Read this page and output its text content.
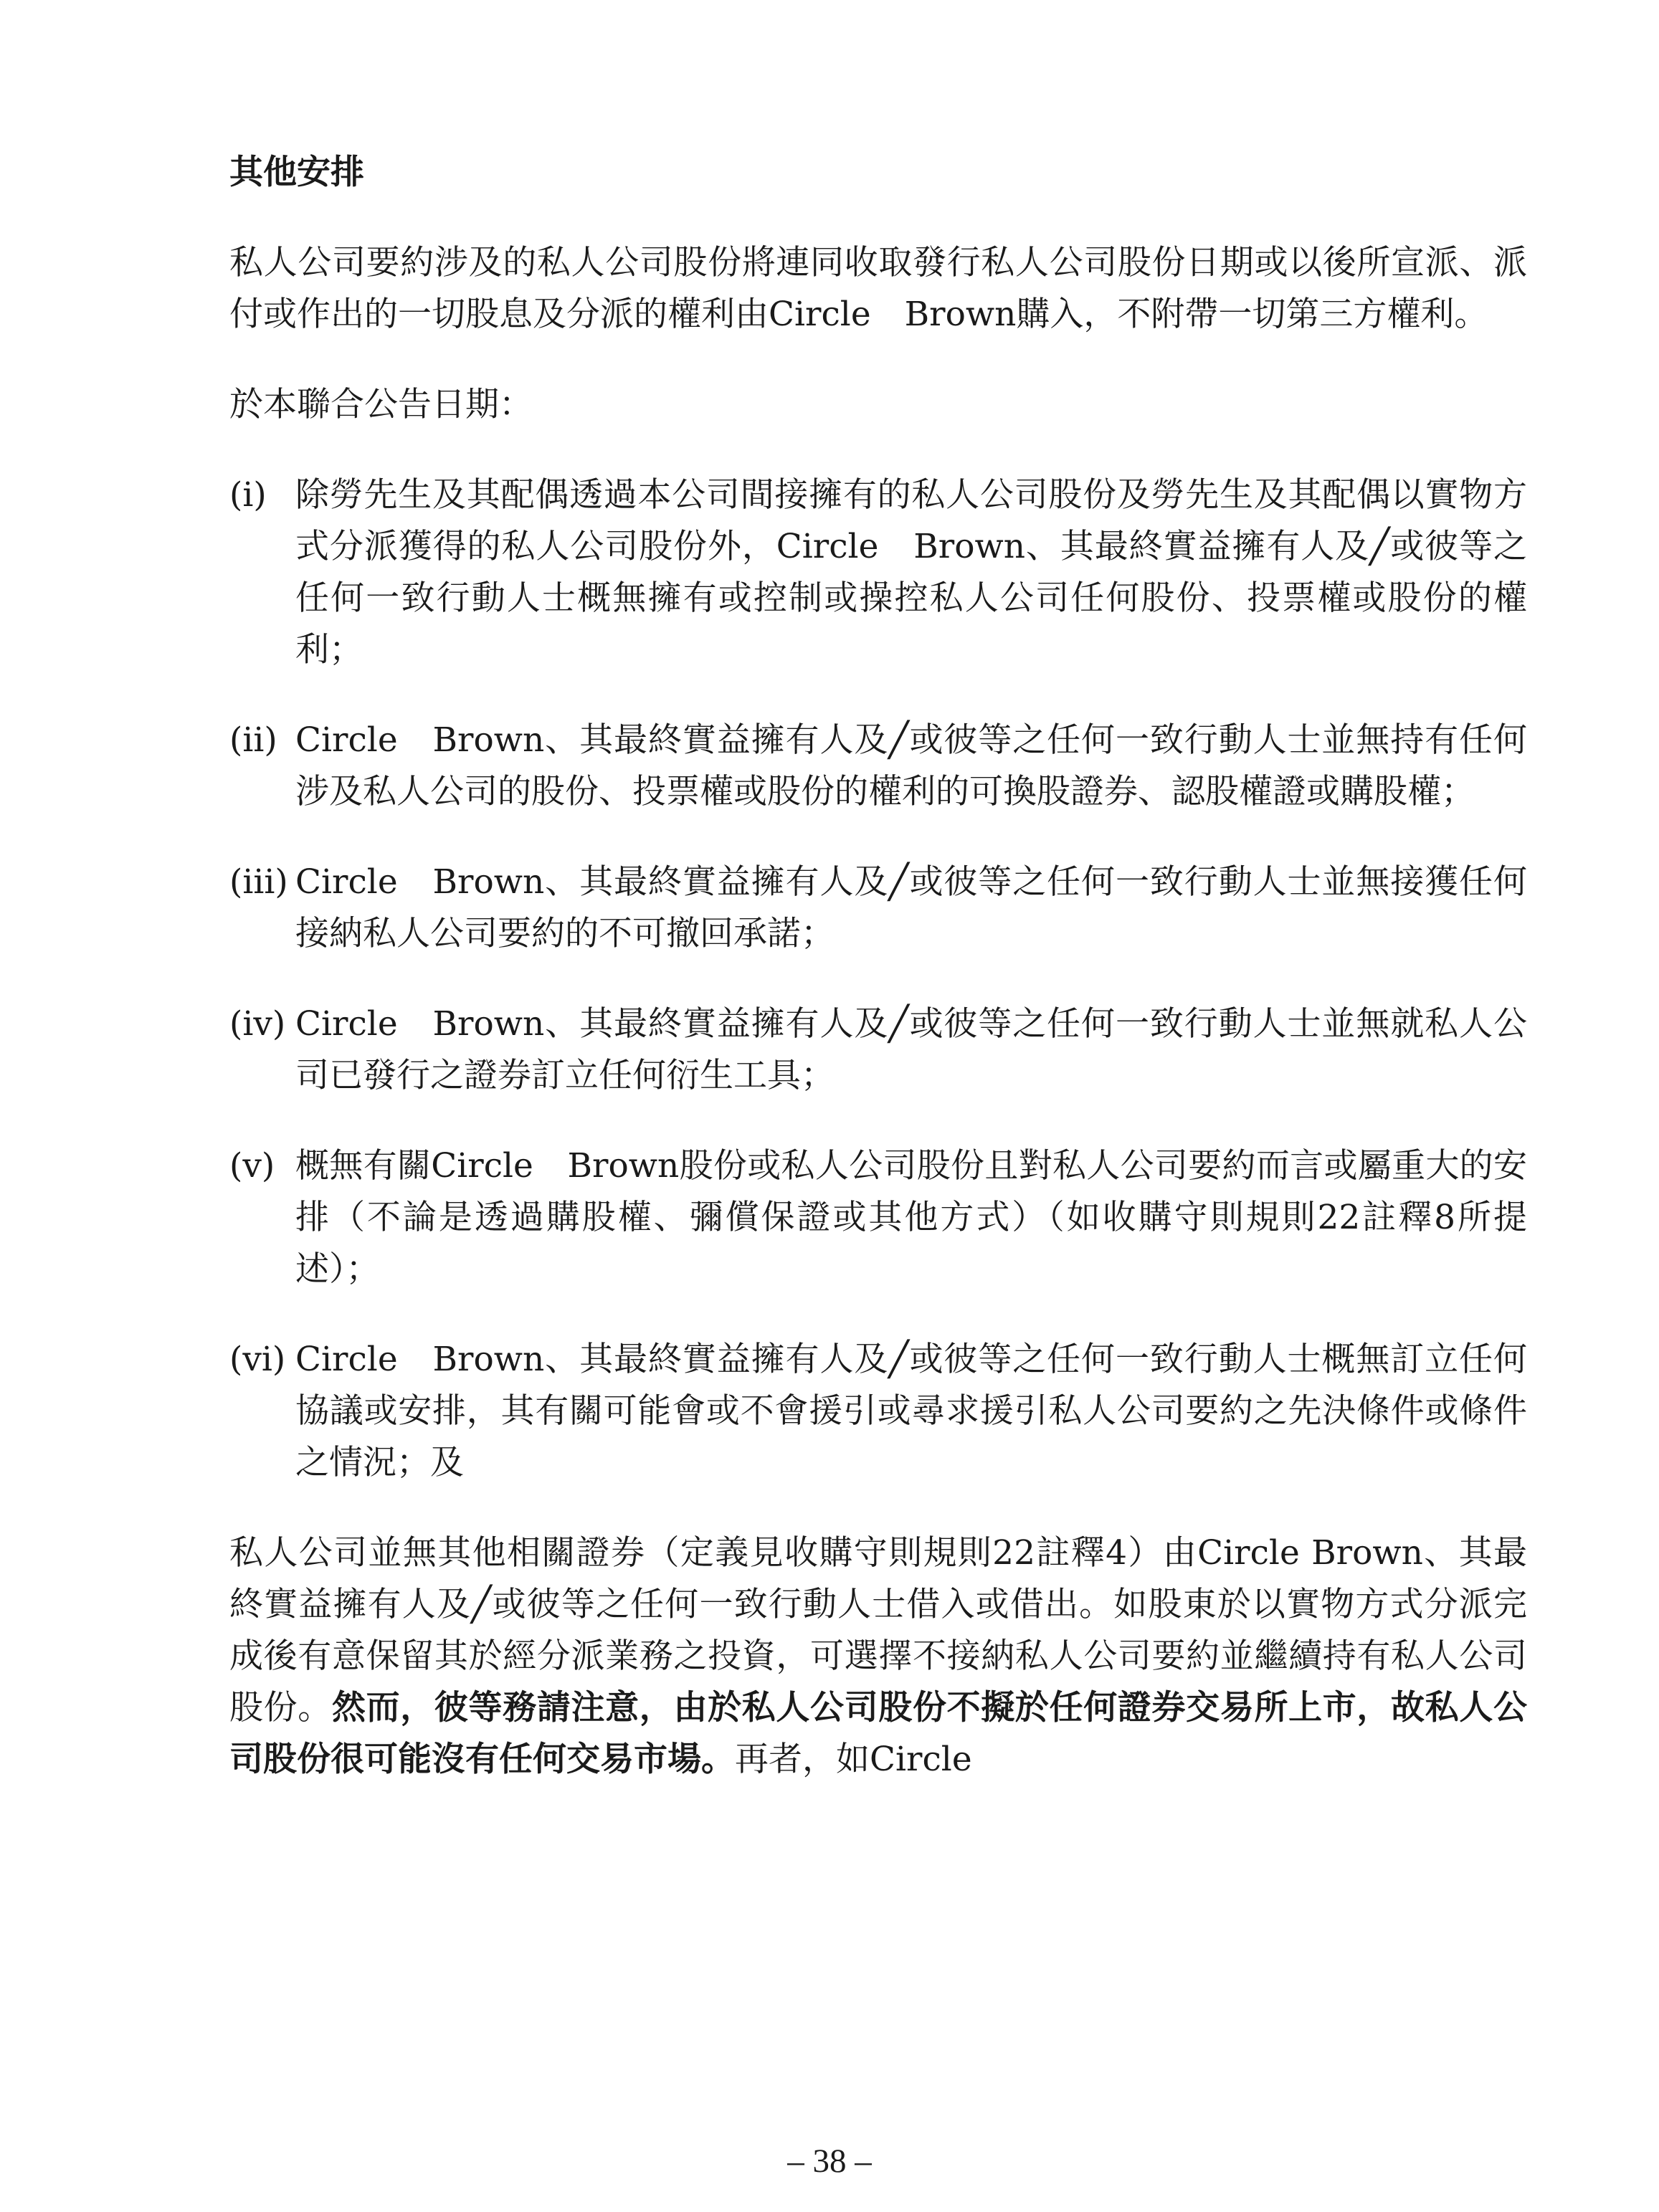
其他安排

私人公司要約涉及的私人公司股份將連同收取發行私人公司股份日期或以後所宣派、派付或作出的一切股息及分派的權利由Circle　Brown購入，不附帶一切第三方權利。

於本聯合公告日期：

(i) 除勞先生及其配偶透過本公司間接擁有的私人公司股份及勞先生及其配偶以實物方式分派獲得的私人公司股份外，Circle　Brown、其最終實益擁有人及╱或彼等之任何一致行動人士概無擁有或控制或操控私人公司任何股份、投票權或股份的權利；
(ii) Circle　Brown、其最終實益擁有人及╱或彼等之任何一致行動人士並無持有任何涉及私人公司的股份、投票權或股份的權利的可換股證券、認股權證或購股權；
(iii) Circle　Brown、其最終實益擁有人及╱或彼等之任何一致行動人士並無接獲任何接納私人公司要約的不可撤回承諾；
(iv) Circle　Brown、其最終實益擁有人及╱或彼等之任何一致行動人士並無就私人公司已發行之證券訂立任何衍生工具；
(v) 概無有關Circle　Brown股份或私人公司股份且對私人公司要約而言或屬重大的安排（不論是透過購股權、彌償保證或其他方式）（如收購守則規則22註釋8所提述）；
(vi) Circle　Brown、其最終實益擁有人及╱或彼等之任何一致行動人士概無訂立任何協議或安排，其有關可能會或不會援引或尋求援引私人公司要約之先決條件或條件之情況；及

私人公司並無其他相關證券（定義見收購守則規則22註釋4）由Circle Brown、其最終實益擁有人及╱或彼等之任何一致行動人士借入或借出。如股東於以實物方式分派完成後有意保留其於經分派業務之投資，可選擇不接納私人公司要約並繼續持有私人公司股份。然而，彼等務請注意，由於私人公司股份不擬於任何證券交易所上市，故私人公司股份很可能沒有任何交易市場。再者，如Circle

– 38 –
